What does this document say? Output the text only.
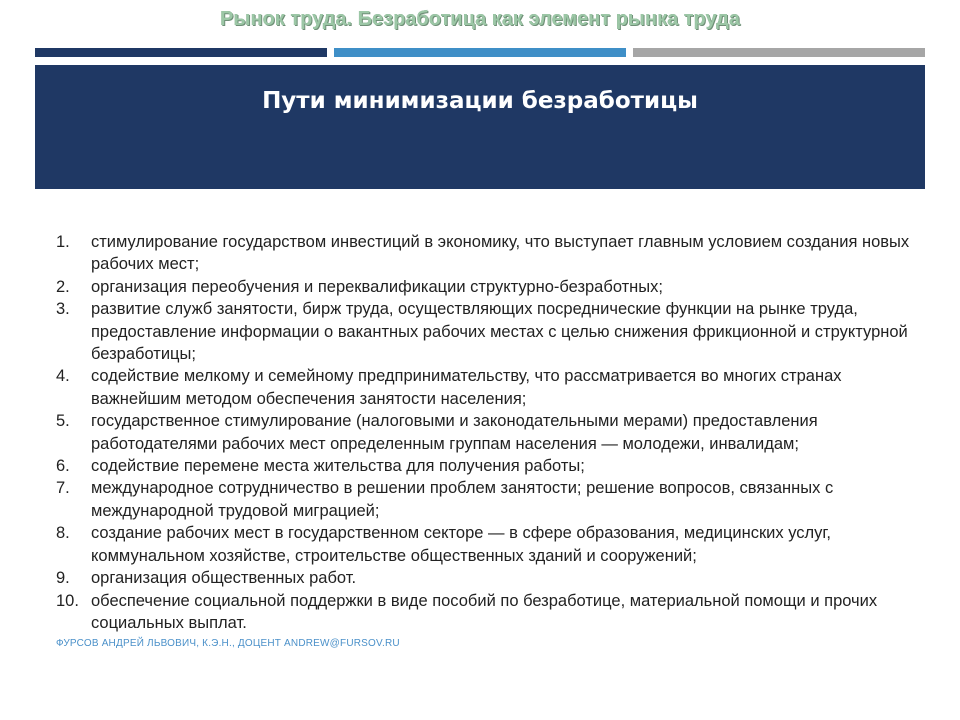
Рынок труда. Безработица как элемент рынка труда
Пути минимизации безработицы
1.	стимулирование государством инвестиций в экономику, что выступает главным условием создания новых рабочих мест;
2.	организация переобучения и переквалификации структурно-безработных;
3.	развитие служб занятости, бирж труда, осуществляющих посреднические функции на рынке труда, предоставление информации о вакантных рабочих местах с целью снижения фрикционной и структурной безработицы;
4.	содействие мелкому и семейному предпринимательству, что рассматривается во многих странах важнейшим методом обеспечения занятости населения;
5.	государственное стимулирование (налоговыми и законодательными мерами) предоставления работодателями рабочих мест определенным группам населения — молодежи, инвалидам;
6.	содействие перемене места жительства для получения работы;
7.	международное сотрудничество в решении проблем занятости; решение вопросов, связанных с международной трудовой миграцией;
8.	создание рабочих мест в государственном секторе — в сфере образования, медицинских услуг, коммунальном хозяйстве, строительстве общественных зданий и сооружений;
9.	организация общественных работ.
10. обеспечение социальной поддержки в виде пособий по безработице, материальной помощи и прочих социальных выплат.
ФУРСОВ АНДРЕЙ ЛЬВОВИЧ, К.Э.Н., ДОЦЕНТ ANDREW@FURSOV.RU
